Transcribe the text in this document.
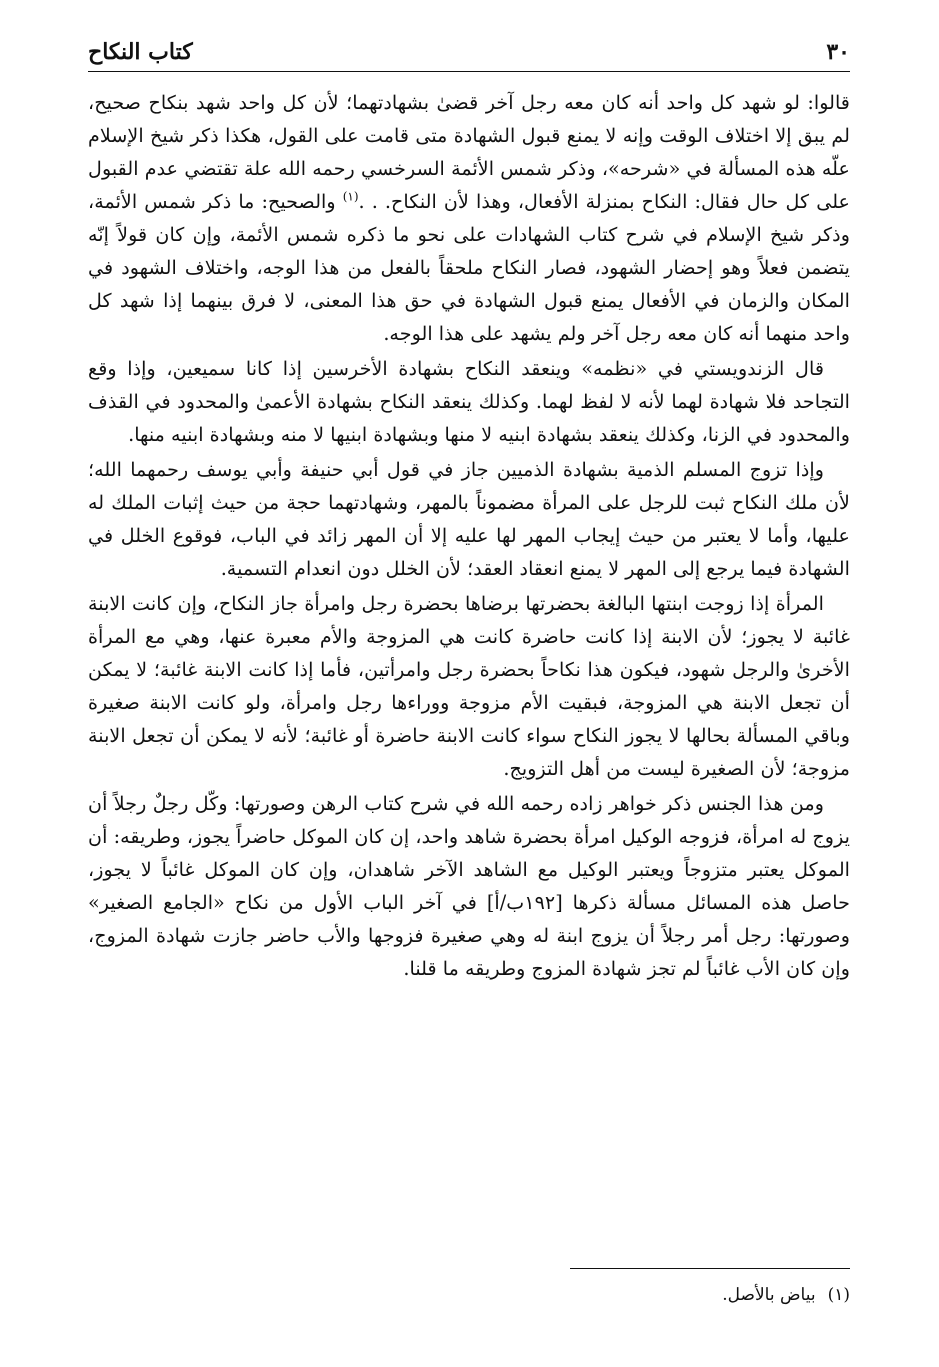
٣٠
كتاب النكاح

قالوا: لو شهد كل واحد أنه كان معه رجل آخر قضىٰ بشهادتهما؛ لأن كل واحد شهد بنكاح صحيح، لم يبق إلا اختلاف الوقت وإنه لا يمنع قبول الشهادة متى قامت على القول، هكذا ذكر شيخ الإسلام علّه هذه المسألة في «شرحه»، وذكر شمس الأئمة السرخسي رحمه الله علة تقتضي عدم القبول على كل حال فقال: النكاح بمنزلة الأفعال، وهذا لأن النكاح. . .$^{(١)}$ والصحيح: ما ذكر شمس الأئمة، وذكر شيخ الإسلام في شرح كتاب الشهادات على نحو ما ذكره شمس الأئمة، وإن كان قولاً إنّه يتضمن فعلاً وهو إحضار الشهود، فصار النكاح ملحقاً بالفعل من هذا الوجه، واختلاف الشهود في المكان والزمان في الأفعال يمنع قبول الشهادة في حق هذا المعنى، لا فرق بينهما إذا شهد كل واحد منهما أنه كان معه رجل آخر ولم يشهد على هذا الوجه.

قال الزندويستي في «نظمه» وينعقد النكاح بشهادة الأخرسين إذا كانا سميعين، وإذا وقع التجاحد فلا شهادة لهما لأنه لا لفظ لهما. وكذلك ينعقد النكاح بشهادة الأعمىٰ والمحدود في القذف والمحدود في الزنا، وكذلك ينعقد بشهادة ابنيه لا منها وبشهادة ابنيها لا منه وبشهادة ابنيه منها.

وإذا تزوج المسلم الذمية بشهادة الذميين جاز في قول أبي حنيفة وأبي يوسف رحمهما الله؛ لأن ملك النكاح ثبت للرجل على المرأة مضموناً بالمهر، وشهادتهما حجة من حيث إثبات الملك له عليها، وأما لا يعتبر من حيث إيجاب المهر لها عليه إلا أن المهر زائد في الباب، فوقوع الخلل في الشهادة فيما يرجع إلى المهر لا يمنع انعقاد العقد؛ لأن الخلل دون انعدام التسمية.

المرأة إذا زوجت ابنتها البالغة بحضرتها برضاها بحضرة رجل وامرأة جاز النكاح، وإن كانت الابنة غائبة لا يجوز؛ لأن الابنة إذا كانت حاضرة كانت هي المزوجة والأم معبرة عنها، وهي مع المرأة الأخرىٰ والرجل شهود، فيكون هذا نكاحاً بحضرة رجل وامرأتين، فأما إذا كانت الابنة غائبة؛ لا يمكن أن تجعل الابنة هي المزوجة، فبقيت الأم مزوجة ووراءها رجل وامرأة، ولو كانت الابنة صغيرة وباقي المسألة بحالها لا يجوز النكاح سواء كانت الابنة حاضرة أو غائبة؛ لأنه لا يمكن أن تجعل الابنة مزوجة؛ لأن الصغيرة ليست من أهل التزويج.

ومن هذا الجنس ذكر خواهر زاده رحمه الله في شرح كتاب الرهن وصورتها: وكّل رجلٌ رجلاً أن يزوج له امرأة، فزوجه الوكيل امرأة بحضرة شاهد واحد، إن كان الموكل حاضراً يجوز، وطريقه: أن الموكل يعتبر متزوجاً ويعتبر الوكيل مع الشاهد الآخر شاهدان، وإن كان الموكل غائباً لا يجوز، حاصل هذه المسائل مسألة ذكرها [١٩٢ب/أ] في آخر الباب الأول من نكاح «الجامع الصغير» وصورتها: رجل أمر رجلاً أن يزوج ابنة له وهي صغيرة فزوجها والأب حاضر جازت شهادة المزوج، وإن كان الأب غائباً لم تجز شهادة المزوج وطريقه ما قلنا.

(١)
بياض بالأصل.
